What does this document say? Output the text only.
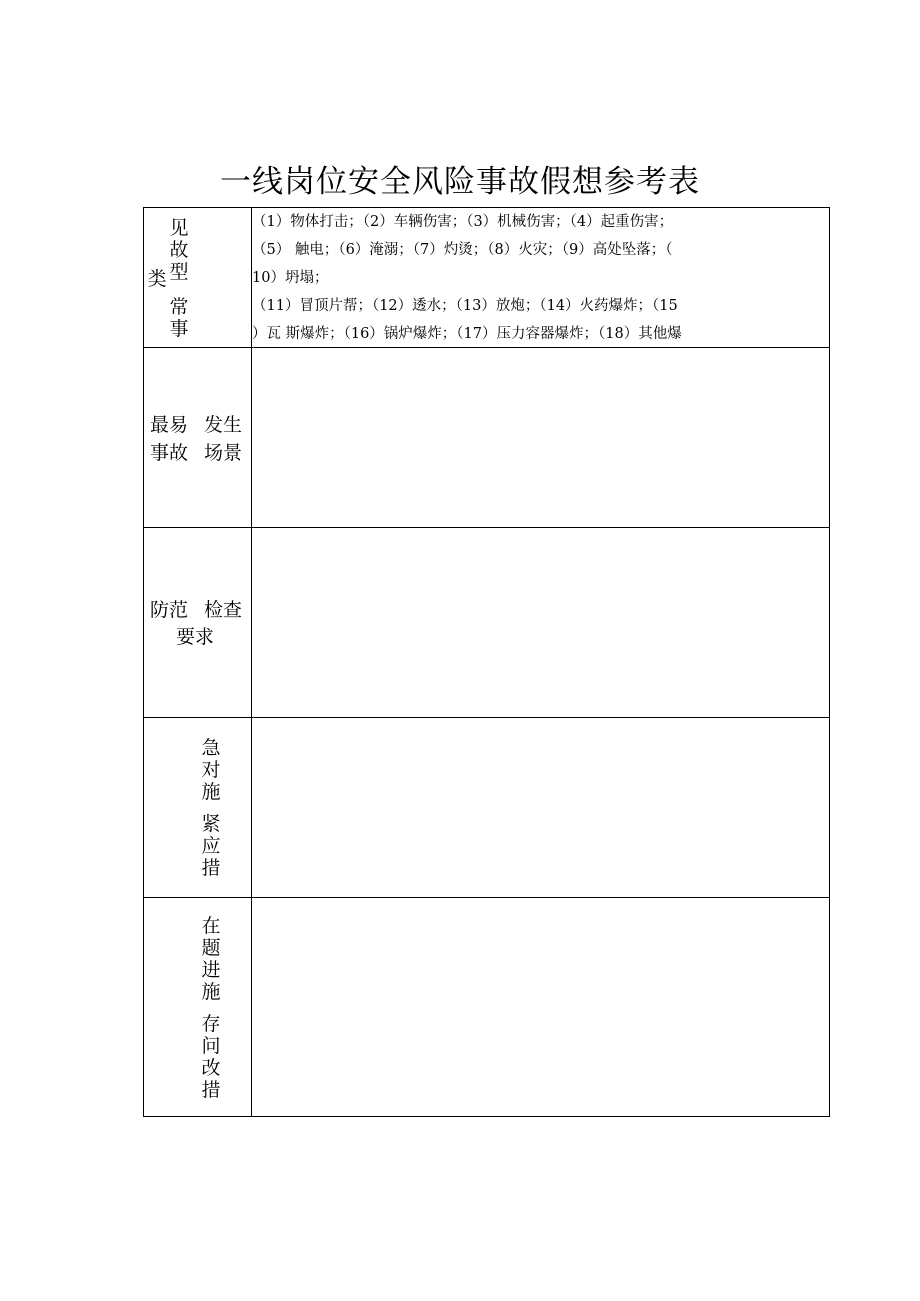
一线岗位安全风险事故假想参考表
见故
型
类
常事
（1）物体打击；（2）车辆伤害；（3）机械伤害；（4）起重伤害；
（5） 触电；（6）淹溺；（7）灼烫；（8）火灾；（9）高处坠落；（
10）坍塌；
（11）冒顶片帮；（12）透水；（13）放炮；（14）火药爆炸；（15
）瓦 斯爆炸；（16）锅炉爆炸；（17）压力容器爆炸；（18）其他爆
最易 发生
事故 场景
防范 检查
要求
急对施
紧应措
在题进施
存问改措
